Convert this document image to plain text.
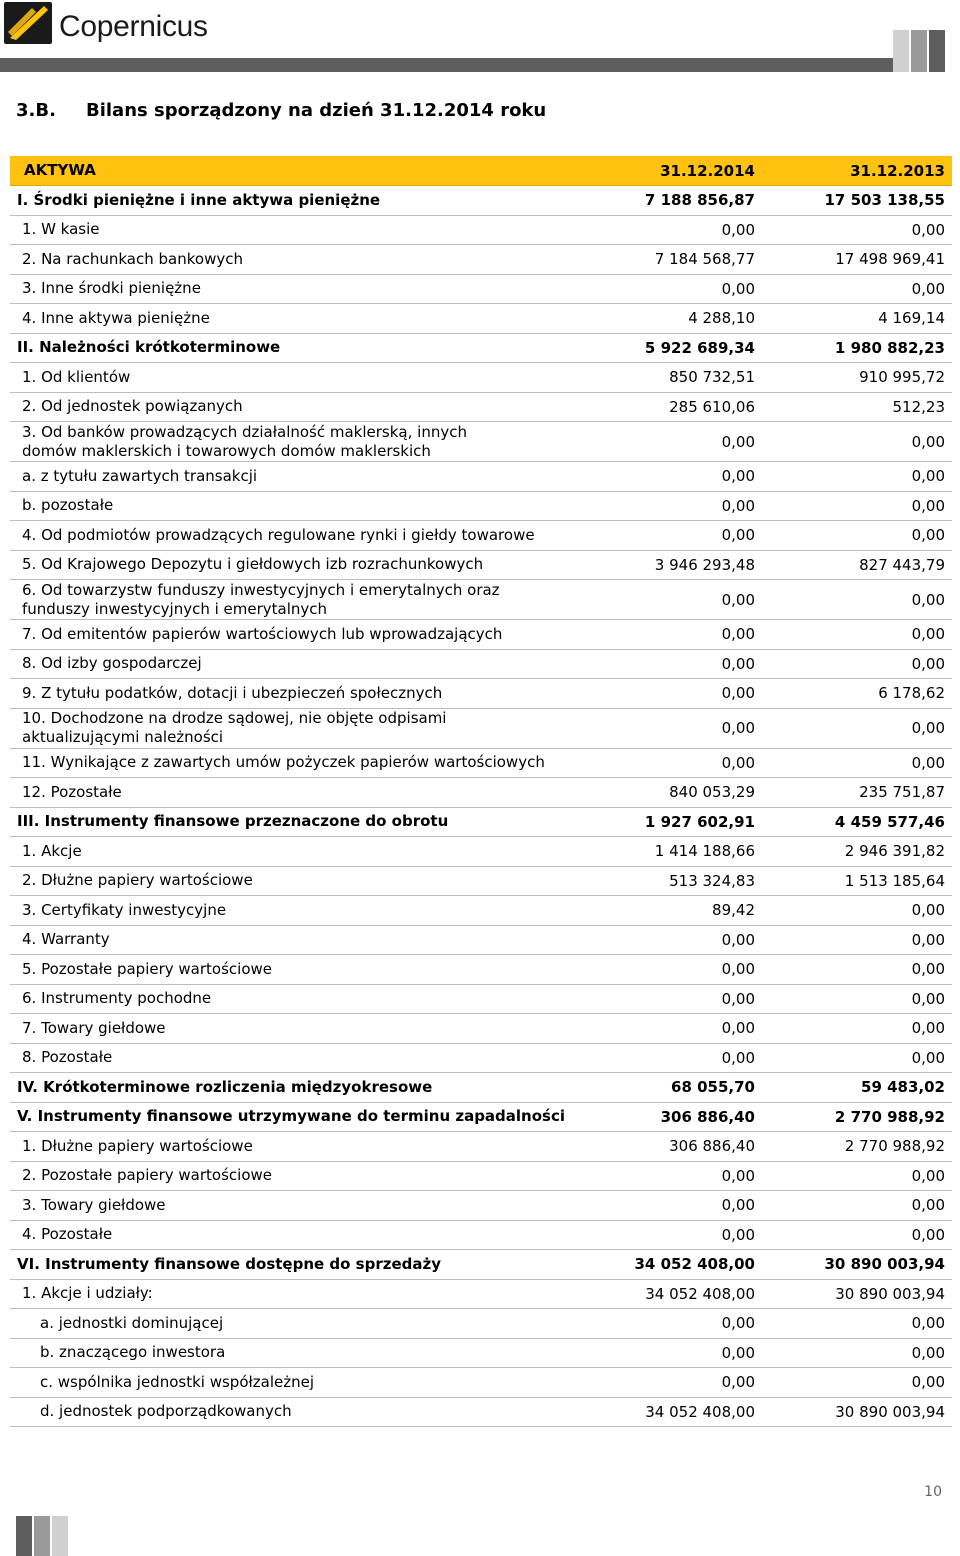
Copernicus
3.B. Bilans sporządzony na dzień 31.12.2014 roku
AKTYWA	31.12.2014	31.12.2013
I. Środki pieniężne i inne aktywa pieniężne	7 188 856,87	17 503 138,55
1. W kasie	0,00	0,00
2. Na rachunkach bankowych	7 184 568,77	17 498 969,41
3. Inne środki pieniężne	0,00	0,00
4. Inne aktywa pieniężne	4 288,10	4 169,14
II. Należności krótkoterminowe	5 922 689,34	1 980 882,23
1. Od klientów	850 732,51	910 995,72
2. Od jednostek powiązanych	285 610,06	512,23
3. Od banków prowadzących działalność maklerską, innych domów maklerskich i towarowych domów maklerskich	0,00	0,00
a. z tytułu zawartych transakcji	0,00	0,00
b. pozostałe	0,00	0,00
4. Od podmiotów prowadzących regulowane rynki i giełdy towarowe	0,00	0,00
5. Od Krajowego Depozytu i giełdowych izb rozrachunkowych	3 946 293,48	827 443,79
6. Od towarzystw funduszy inwestycyjnych i emerytalnych oraz funduszy inwestycyjnych i emerytalnych	0,00	0,00
7. Od emitentów papierów wartościowych lub wprowadzających	0,00	0,00
8. Od izby gospodarczej	0,00	0,00
9. Z tytułu podatków, dotacji i ubezpieczeń społecznych	0,00	6 178,62
10. Dochodzone na drodze sądowej, nie objęte odpisami aktualizującymi należności	0,00	0,00
11. Wynikające z zawartych umów pożyczek papierów wartościowych	0,00	0,00
12. Pozostałe	840 053,29	235 751,87
III. Instrumenty finansowe przeznaczone do obrotu	1 927 602,91	4 459 577,46
1. Akcje	1 414 188,66	2 946 391,82
2. Dłużne papiery wartościowe	513 324,83	1 513 185,64
3. Certyfikaty inwestycyjne	89,42	0,00
4. Warranty	0,00	0,00
5. Pozostałe papiery wartościowe	0,00	0,00
6. Instrumenty pochodne	0,00	0,00
7. Towary giełdowe	0,00	0,00
8. Pozostałe	0,00	0,00
IV. Krótkoterminowe rozliczenia międzyokresowe	68 055,70	59 483,02
V. Instrumenty finansowe utrzymywane do terminu zapadalności	306 886,40	2 770 988,92
1. Dłużne papiery wartościowe	306 886,40	2 770 988,92
2. Pozostałe papiery wartościowe	0,00	0,00
3. Towary giełdowe	0,00	0,00
4. Pozostałe	0,00	0,00
VI. Instrumenty finansowe dostępne do sprzedaży	34 052 408,00	30 890 003,94
1. Akcje i udziały:	34 052 408,00	30 890 003,94
a. jednostki dominującej	0,00	0,00
b. znaczącego inwestora	0,00	0,00
c. wspólnika jednostki współzależnej	0,00	0,00
d. jednostek podporządkowanych	34 052 408,00	30 890 003,94
10
